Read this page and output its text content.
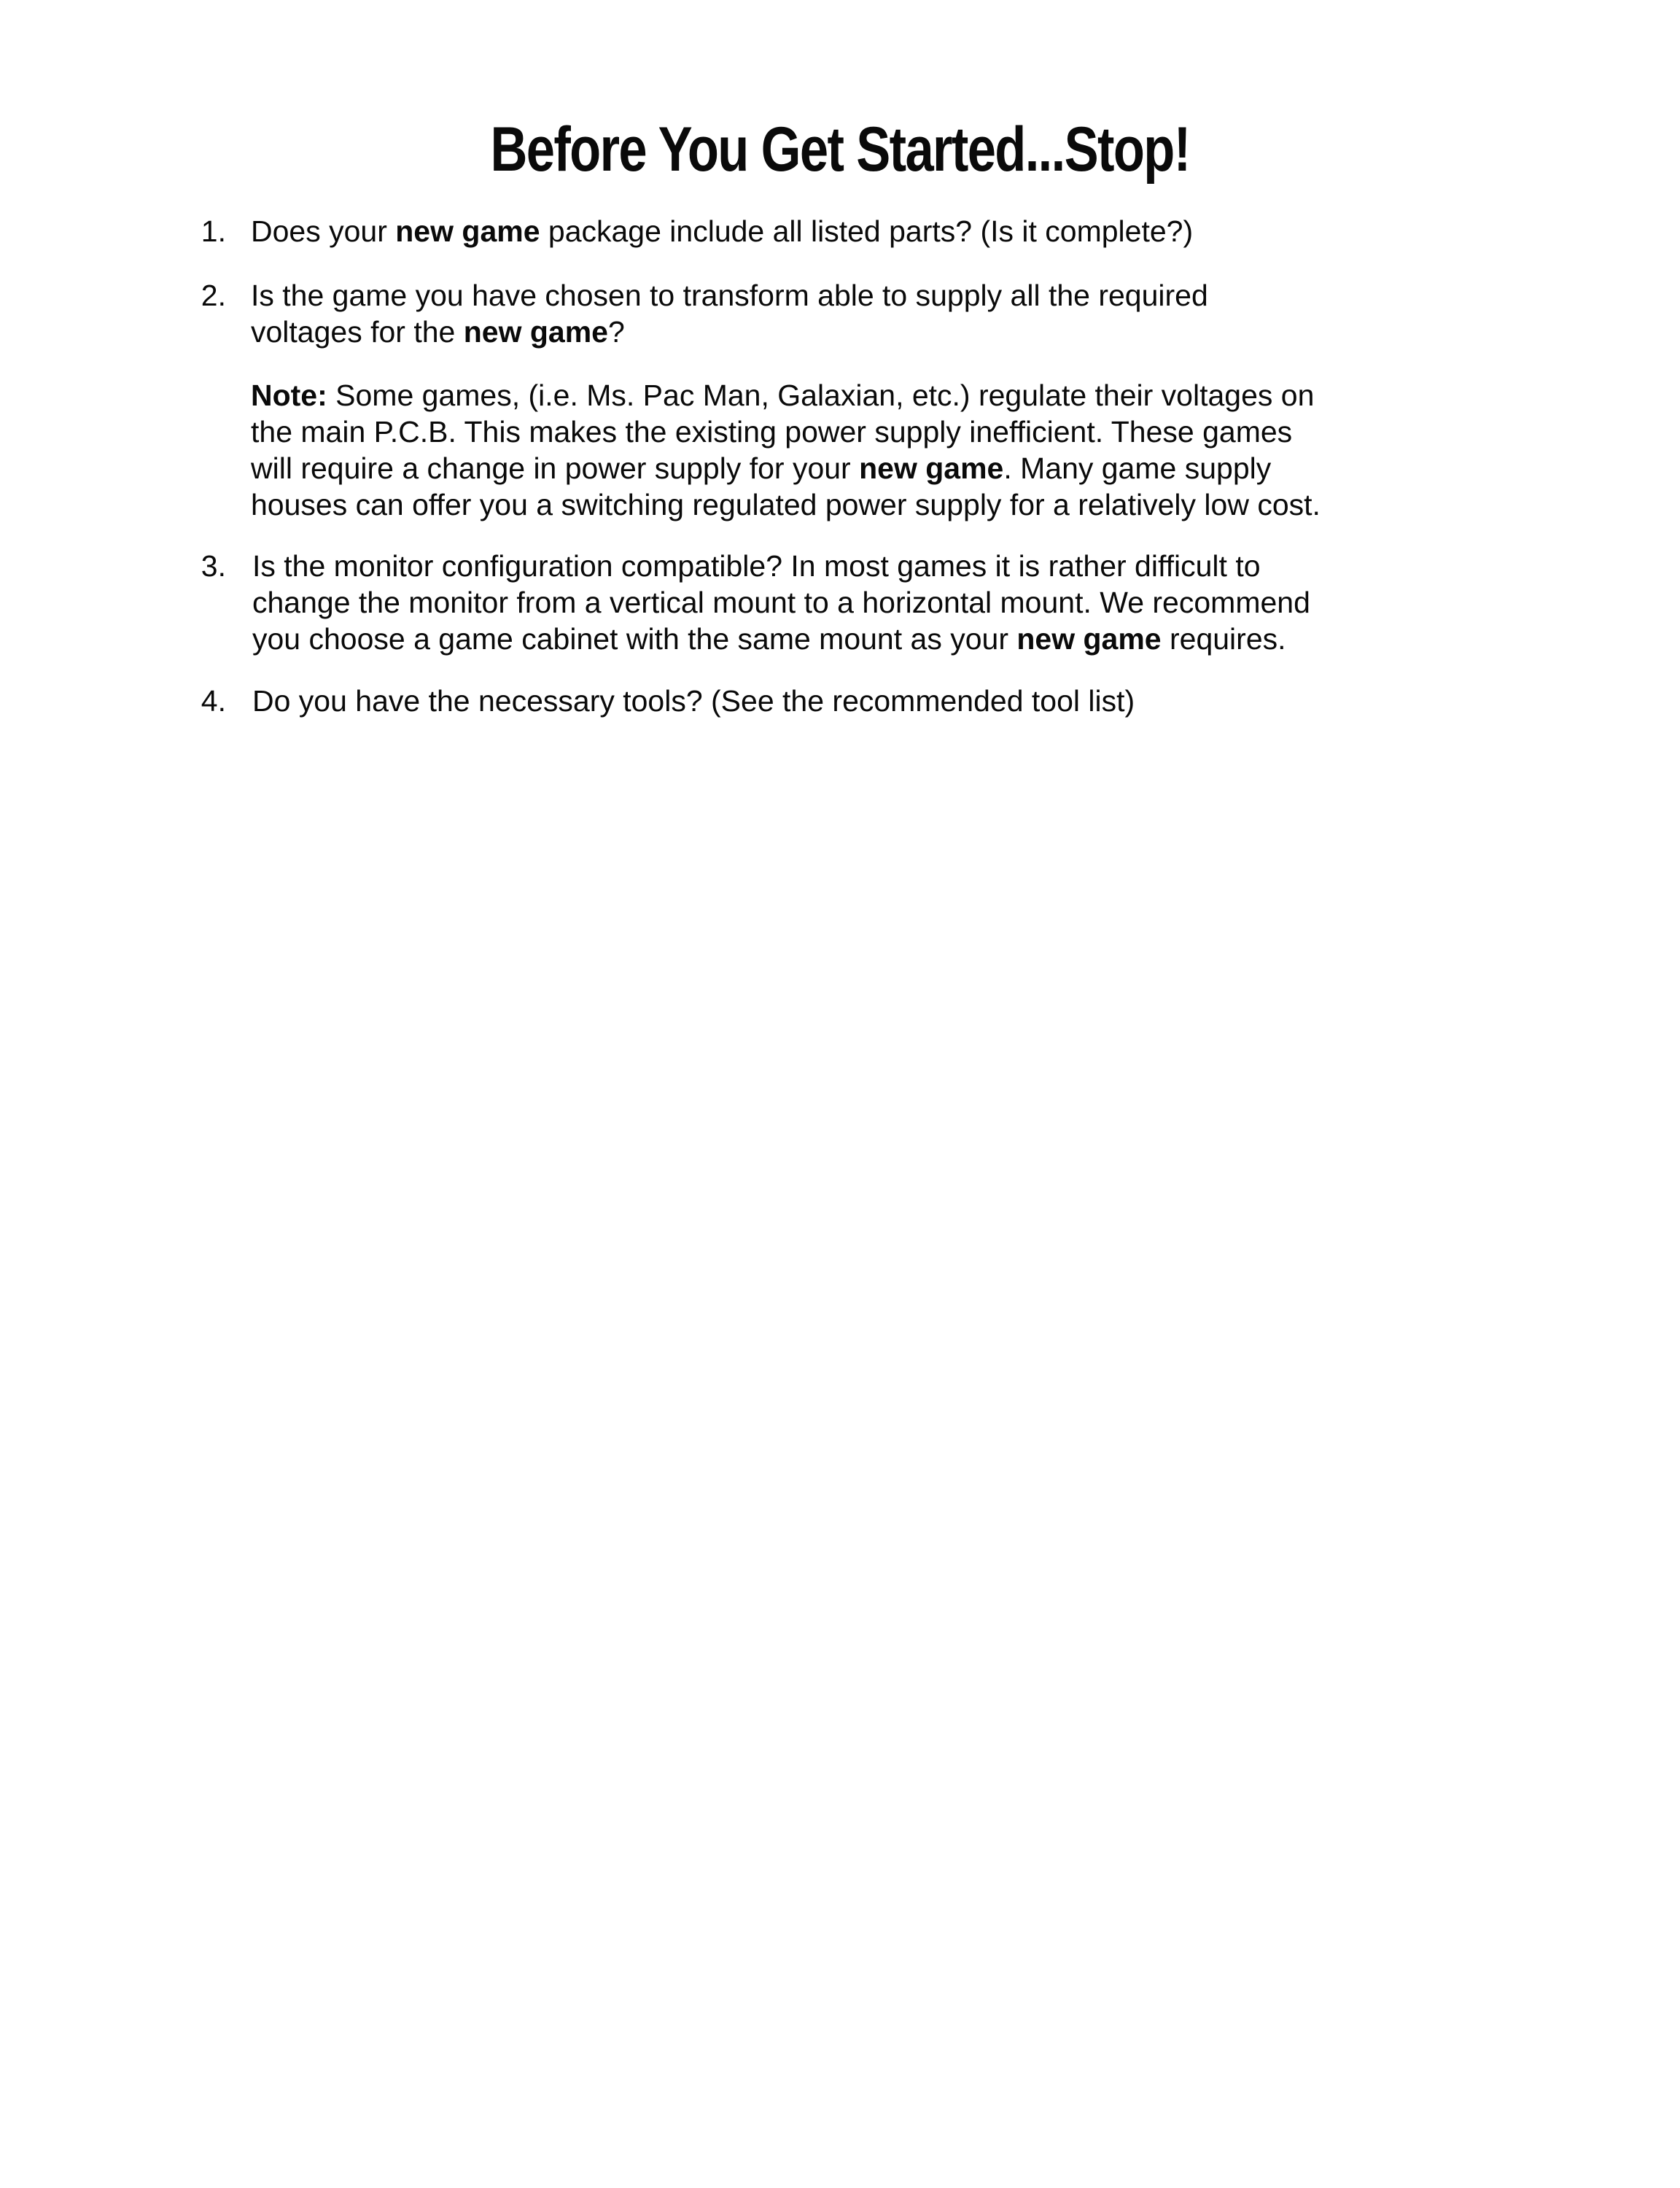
Before You Get Started...Stop!
1. Does your new game package include all listed parts? (Is it complete?)
2. Is the game you have chosen to transform able to supply all the required
voltages for the new game?
Note: Some games, (i.e. Ms. Pac Man, Galaxian, etc.) regulate their voltages on
the main P.C.B. This makes the existing power supply inefficient. These games
will require a change in power supply for your new game. Many game supply
houses can offer you a switching regulated power supply for a relatively low cost.
3. Is the monitor configuration compatible? In most games it is rather difficult to
change the monitor from a vertical mount to a horizontal mount. We recommend
you choose a game cabinet with the same mount as your new game requires.
4. Do you have the necessary tools? (See the recommended tool list)
